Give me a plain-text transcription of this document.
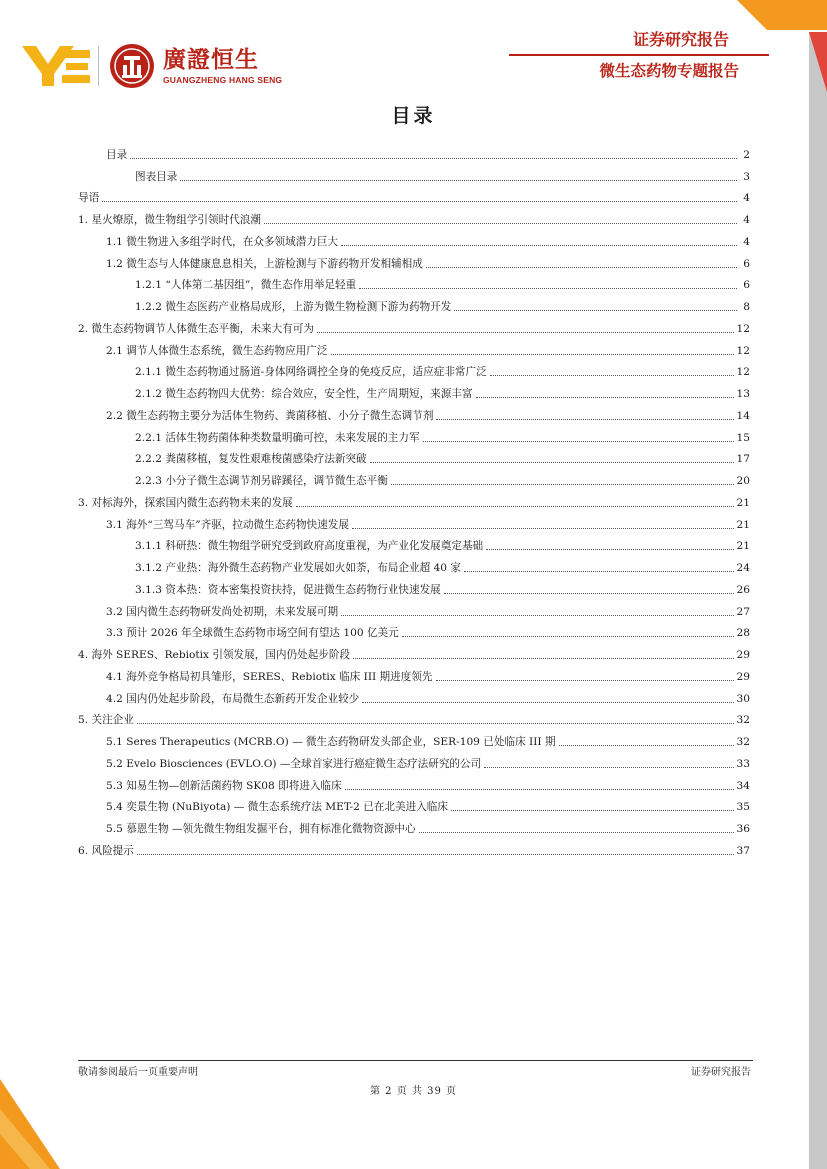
廣證恒生
GUANGZHENG HANG SENG
证券研究报告
微生态药物专题报告
目录
目录	2
图表目录	3
导语	4
1. 星火燎原，微生物组学引领时代浪潮	4
1.1 微生物进入多组学时代，在众多领域潜力巨大	4
1.2 微生态与人体健康息息相关，上游检测与下游药物开发相辅相成	6
1.2.1 “人体第二基因组”，微生态作用举足轻重	6
1.2.2 微生态医药产业格局成形，上游为微生物检测下游为药物开发	8
2. 微生态药物调节人体微生态平衡，未来大有可为	12
2.1 调节人体微生态系统，微生态药物应用广泛	12
2.1.1 微生态药物通过肠道-身体网络调控全身的免疫反应，适应症非常广泛	12
2.1.2 微生态药物四大优势：综合效应，安全性，生产周期短，来源丰富	13
2.2 微生态药物主要分为活体生物药、粪菌移植、小分子微生态调节剂	14
2.2.1 活体生物药菌体种类数量明确可控，未来发展的主力军	15
2.2.2 粪菌移植，复发性艰难梭菌感染疗法新突破	17
2.2.3 小分子微生态调节剂另辟蹊径，调节微生态平衡	20
3. 对标海外，探索国内微生态药物未来的发展	21
3.1 海外“三驾马车”齐驱，拉动微生态药物快速发展	21
3.1.1 科研热：微生物组学研究受到政府高度重视，为产业化发展奠定基础	21
3.1.2 产业热：海外微生态药物产业发展如火如荼，布局企业超 40 家	24
3.1.3 资本热：资本密集投资扶持，促进微生态药物行业快速发展	26
3.2 国内微生态药物研发尚处初期，未来发展可期	27
3.3 预计 2026 年全球微生态药物市场空间有望达 100 亿美元	28
4. 海外 SERES、Rebiotix 引领发展，国内仍处起步阶段	29
4.1 海外竞争格局初具雏形，SERES、Rebiotix 临床 III 期进度领先	29
4.2 国内仍处起步阶段，布局微生态新药开发企业较少	30
5. 关注企业	32
5.1 Seres Therapeutics (MCRB.O) — 微生态药物研发头部企业，SER-109 已处临床 III 期	32
5.2 Evelo Biosciences (EVLO.O) —全球首家进行癌症微生态疗法研究的公司	33
5.3 知易生物—创新活菌药物 SK08 即将进入临床	34
5.4 奕景生物 (NuBiyota) — 微生态系统疗法 MET-2 已在北美进入临床	35
5.5 慕恩生物 —领先微生物组发掘平台，拥有标准化微物资源中心	36
6. 风险提示	37
敬请参阅最后一页重要声明	证券研究报告
第 2 页 共 39 页
